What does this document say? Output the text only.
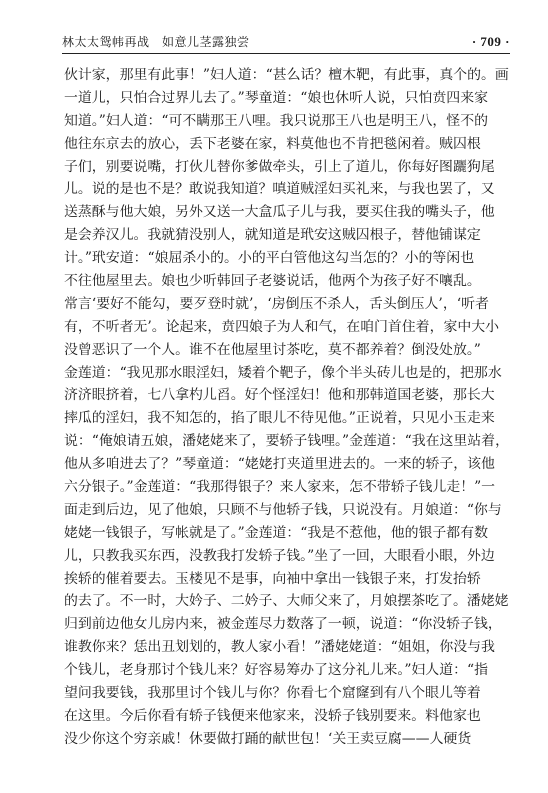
林太太鸳帏再战　如意儿茎露独尝	· 709 ·
伙计家，那里有此事！”妇人道：“甚么话？檀木靶，有此事，真个的。画
一道儿，只怕合过界儿去了。”琴童道：“娘也休听人说，只怕贲四来家
知道。”妇人道：“可不瞒那王八哩。我只说那王八也是明王八，怪不的
他往东京去的放心，丢下老婆在家，料莫他也不肯把毯闲着。贼囚根
子们，别要说嘴，打伙儿替你爹做牵头，引上了道儿，你每好图躧狗尾
儿。说的是也不是？敢说我知道？嗔道贼淫妇买礼来，与我也罢了，又
送蒸酥与他大娘，另外又送一大盒瓜子儿与我，要买住我的嘴头子，他
是会养汉儿。我就猜没别人，就知道是玳安这贼囚根子，替他铺谋定
计。”玳安道：“娘屈杀小的。小的平白管他这勾当怎的？小的等闲也
不往他屋里去。娘也少听韩回子老婆说话，他两个为孩子好不嚷乱。
常言‘要好不能勾，要歹登时就’，‘房倒压不杀人，舌头倒压人’，‘听者
有，不听者无’。论起来，贲四娘子为人和气，在咱门首住着，家中大小
没曾恶识了一个人。谁不在他屋里讨茶吃，莫不都养着？倒没处放。”
金莲道：“我见那水眼淫妇，矮着个靶子，像个半头砖儿也是的，把那水
济济眼挤着，七八拿杓儿舀。好个怪淫妇！他和那韩道国老婆，那长大
摔瓜的淫妇，我不知怎的，掐了眼儿不待见他。”正说着，只见小玉走来
说：“俺娘请五娘，潘姥姥来了，要轿子钱哩。”金莲道：“我在这里站着，
他从多咱进去了？”琴童道：“姥姥打夹道里进去的。一来的轿子，该他
六分银子。”金莲道：“我那得银子？来人家来，怎不带轿子钱儿走！”一
面走到后边，见了他娘，只顾不与他轿子钱，只说没有。月娘道：“你与
姥姥一钱银子，写帐就是了。”金莲道：“我是不惹他，他的银子都有数
儿，只教我买东西，没教我打发轿子钱。”坐了一回，大眼看小眼，外边
挨轿的催着要去。玉楼见不是事，向袖中拿出一钱银子来，打发抬轿
的去了。不一时，大妗子、二妗子、大师父来了，月娘摆茶吃了。潘姥姥
归到前边他女儿房内来，被金莲尽力数落了一顿，说道：“你没轿子钱，
谁教你来？恁出丑划划的，教人家小看！”潘姥姥道：“姐姐，你没与我
个钱儿，老身那讨个钱儿来？好容易筹办了这分礼儿来。”妇人道：“指
望问我要钱，我那里讨个钱儿与你？你看七个窟窿到有八个眼儿等着
在这里。今后你看有轿子钱便来他家来，没轿子钱别要来。料他家也
没少你这个穷亲戚！休要做打踊的献世包！‘关王卖豆腐——人硬货
